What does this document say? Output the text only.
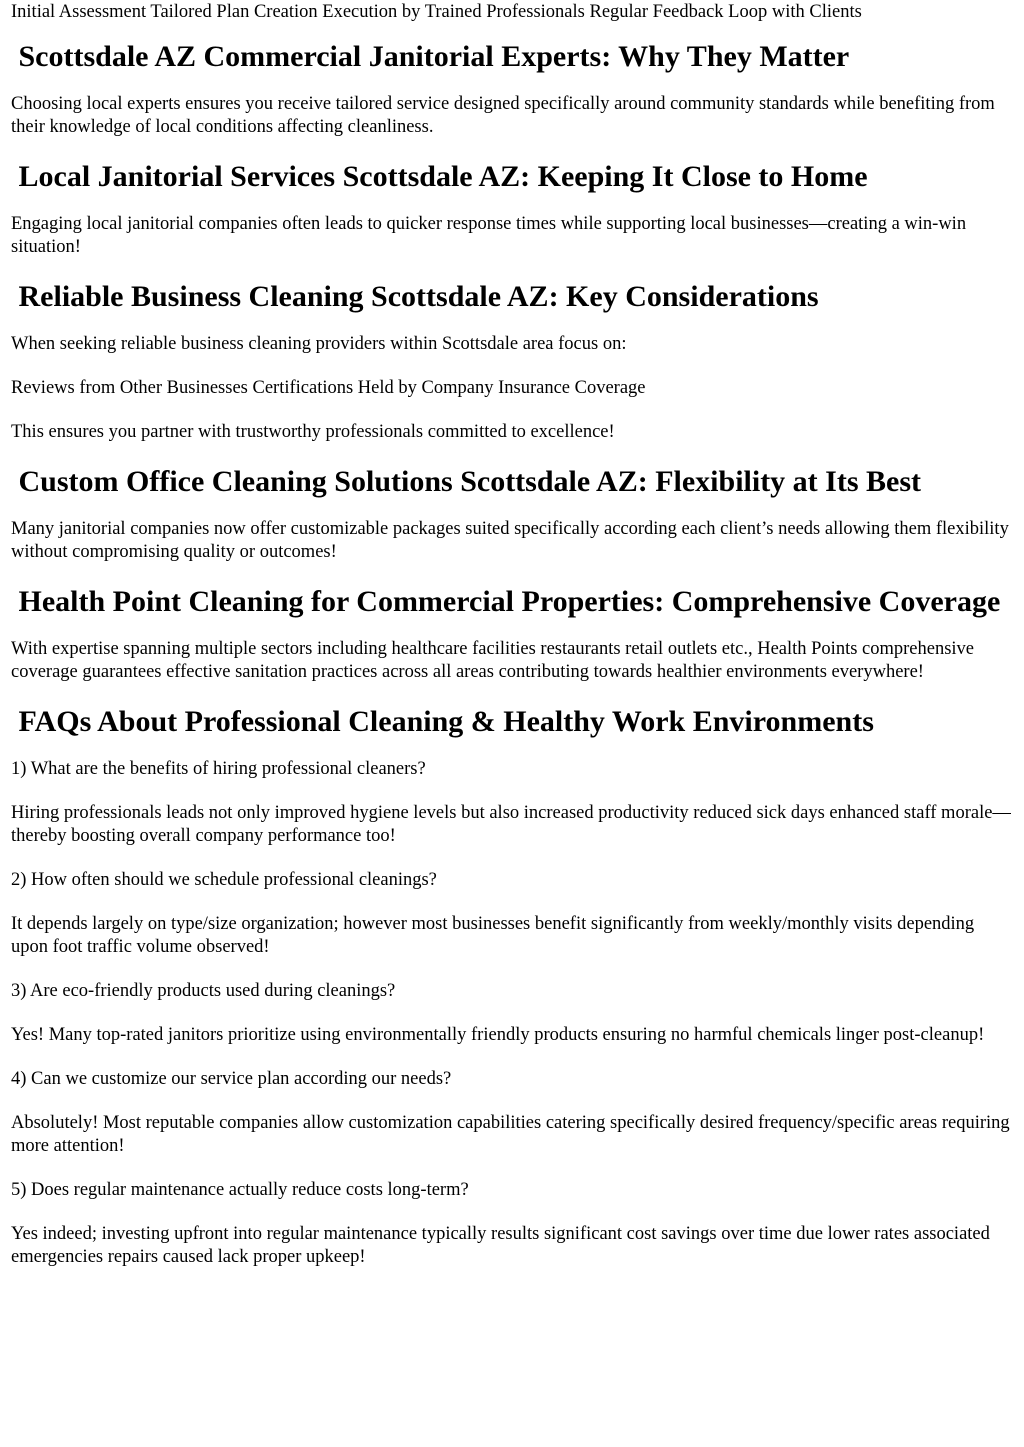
Initial Assessment Tailored Plan Creation Execution by Trained Professionals Regular Feedback Loop with Clients

Scottsdale AZ Commercial Janitorial Experts: Why They Matter

Choosing local experts ensures you receive tailored service designed specifically around community standards while benefiting from their knowledge of local conditions affecting cleanliness.

Local Janitorial Services Scottsdale AZ: Keeping It Close to Home

Engaging local janitorial companies often leads to quicker response times while supporting local businesses—creating a win-win situation!

Reliable Business Cleaning Scottsdale AZ: Key Considerations

When seeking reliable business cleaning providers within Scottsdale area focus on:

Reviews from Other Businesses Certifications Held by Company Insurance Coverage

This ensures you partner with trustworthy professionals committed to excellence!

Custom Office Cleaning Solutions Scottsdale AZ: Flexibility at Its Best

Many janitorial companies now offer customizable packages suited specifically according each client’s needs allowing them flexibility without compromising quality or outcomes!

Health Point Cleaning for Commercial Properties: Comprehensive Coverage

With expertise spanning multiple sectors including healthcare facilities restaurants retail outlets etc., Health Points comprehensive coverage guarantees effective sanitation practices across all areas contributing towards healthier environments everywhere!

FAQs About Professional Cleaning & Healthy Work Environments

1) What are the benefits of hiring professional cleaners?

Hiring professionals leads not only improved hygiene levels but also increased productivity reduced sick days enhanced staff morale—thereby boosting overall company performance too!

2) How often should we schedule professional cleanings?

It depends largely on type/size organization; however most businesses benefit significantly from weekly/monthly visits depending upon foot traffic volume observed!

3) Are eco-friendly products used during cleanings?

Yes! Many top-rated janitors prioritize using environmentally friendly products ensuring no harmful chemicals linger post-cleanup!

4) Can we customize our service plan according our needs?

Absolutely! Most reputable companies allow customization capabilities catering specifically desired frequency/specific areas requiring more attention!

5) Does regular maintenance actually reduce costs long-term?

Yes indeed; investing upfront into regular maintenance typically results significant cost savings over time due lower rates associated emergencies repairs caused lack proper upkeep!
